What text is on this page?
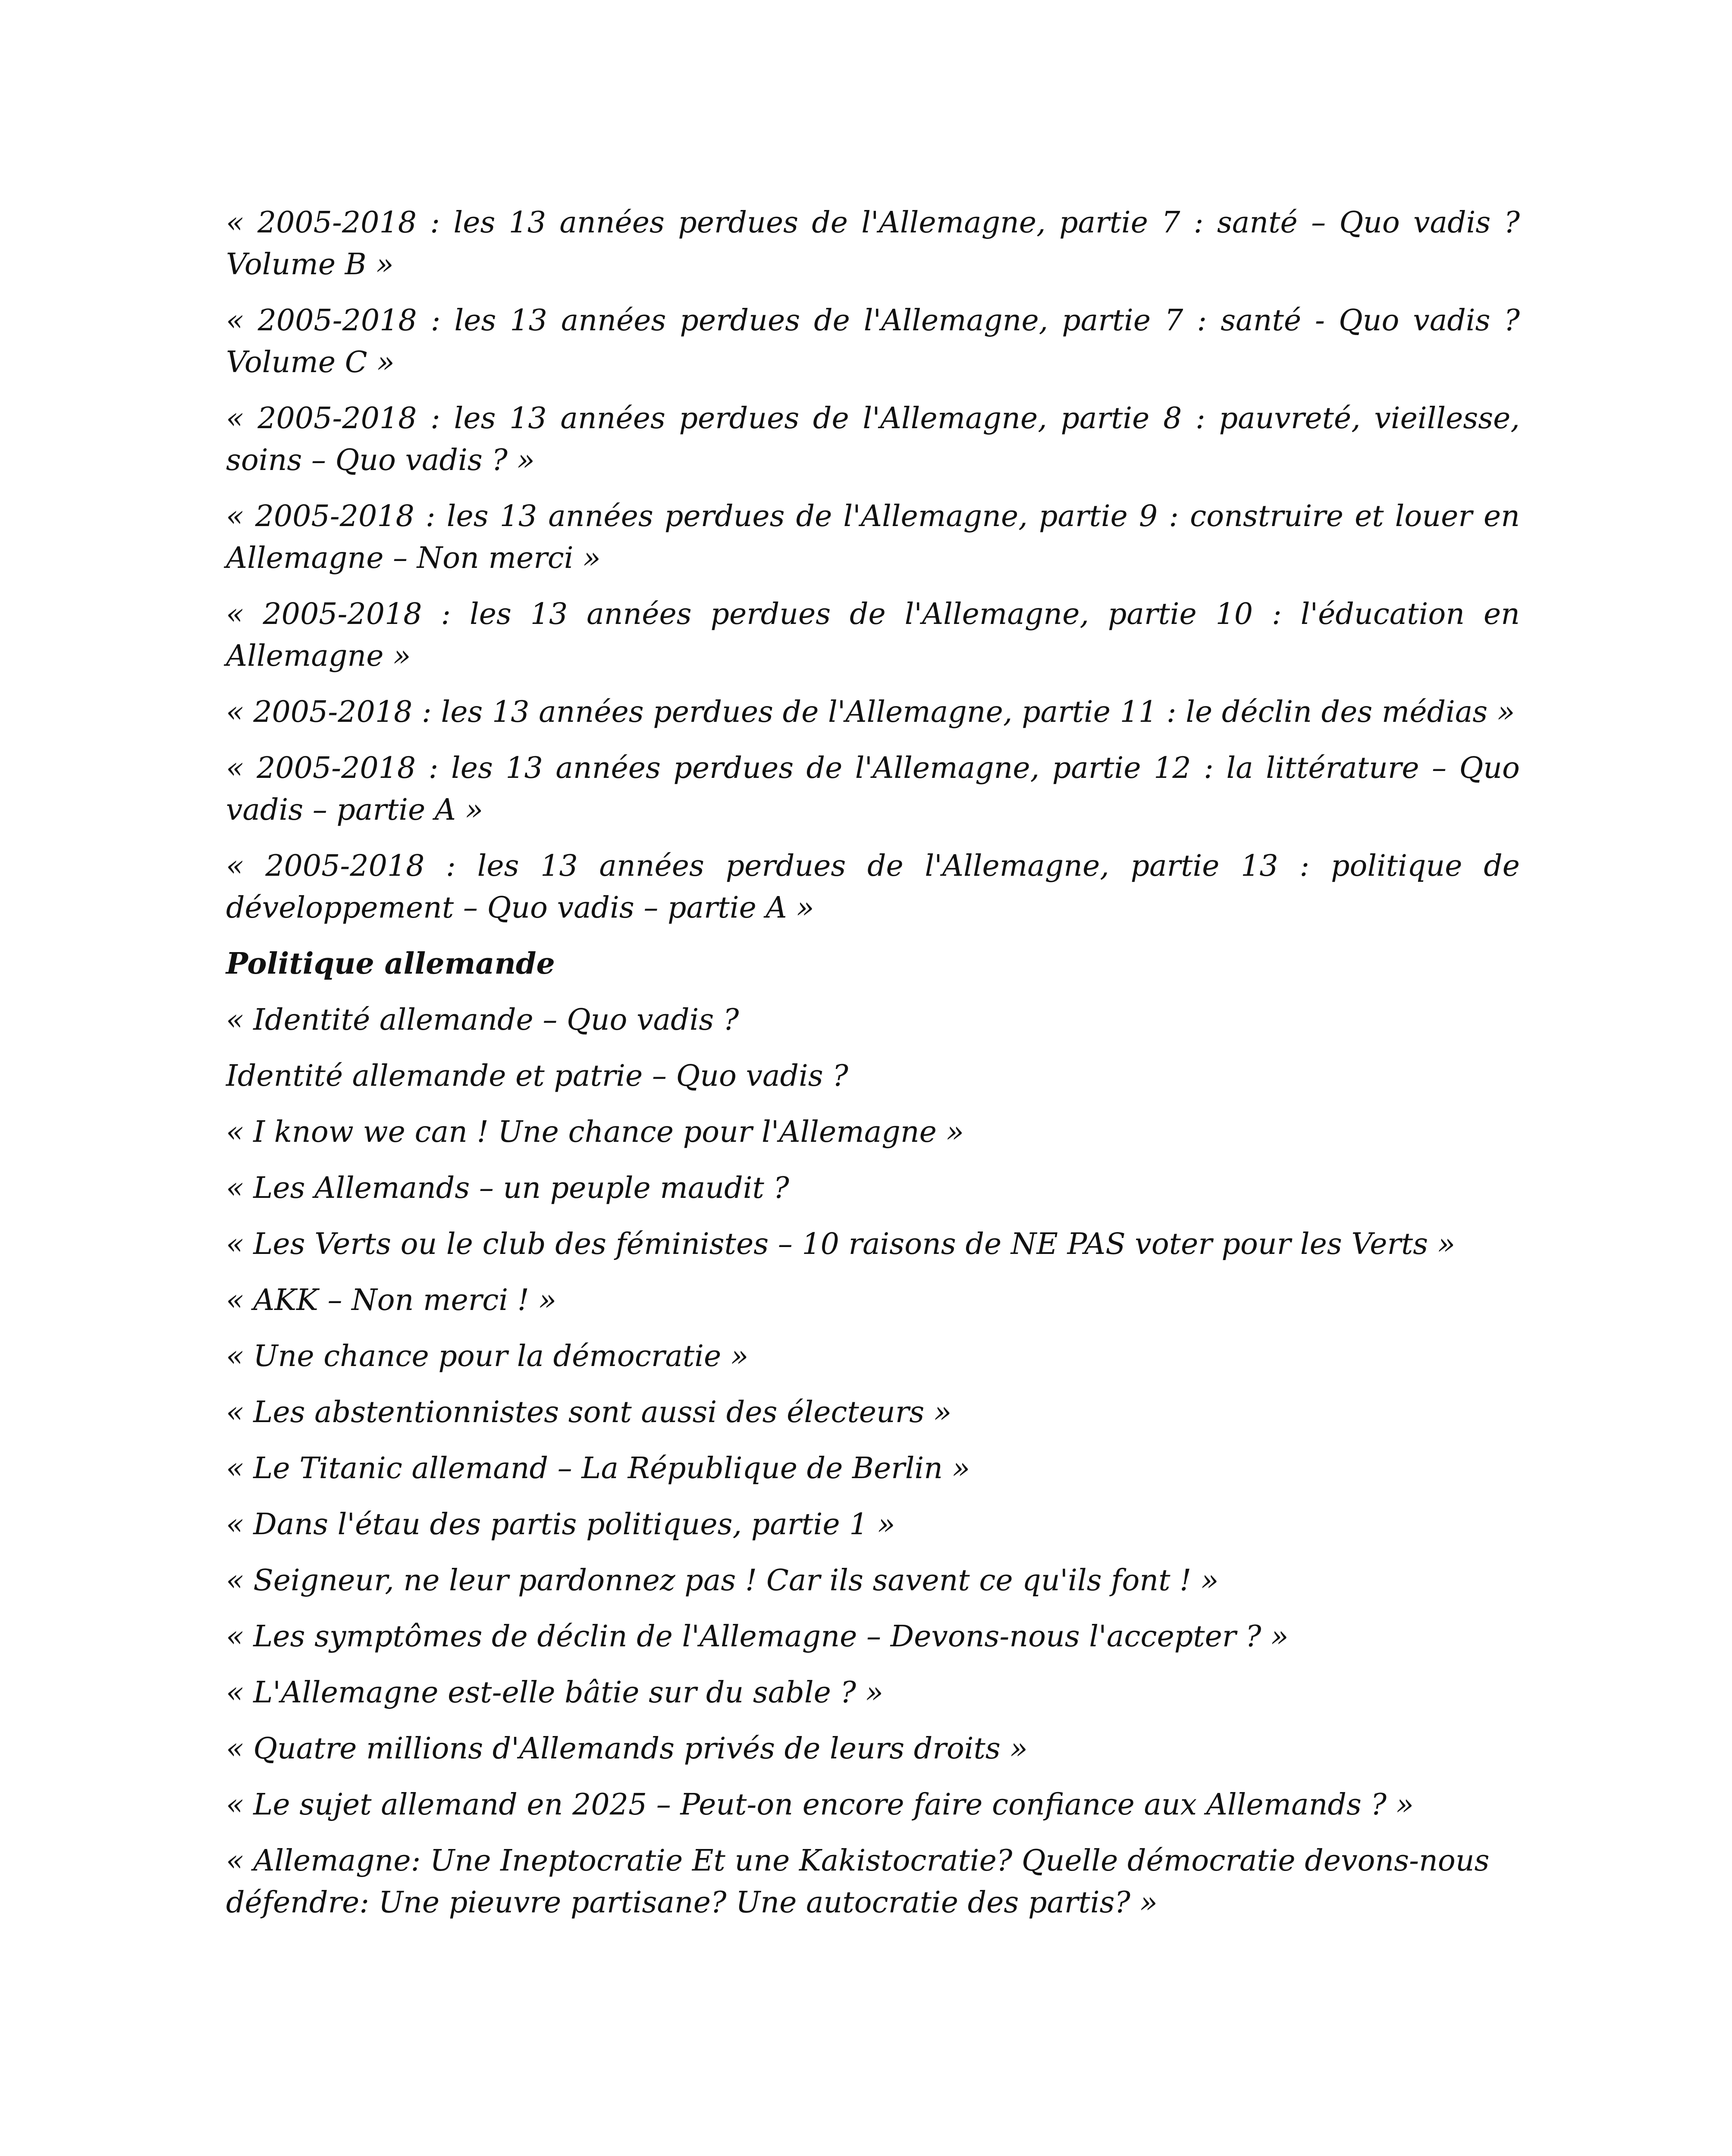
« 2005-2018 : les 13 années perdues de l'Allemagne, partie 7 : santé – Quo vadis ? Volume B »

« 2005-2018 : les 13 années perdues de l'Allemagne, partie 7 : santé - Quo vadis ? Volume C »

« 2005-2018 : les 13 années perdues de l'Allemagne, partie 8 : pauvreté, vieillesse, soins – Quo vadis ? »

« 2005-2018 : les 13 années perdues de l'Allemagne, partie 9 : construire et louer en Allemagne – Non merci »

« 2005-2018 : les 13 années perdues de l'Allemagne, partie 10 : l'éducation en Allemagne »

« 2005-2018 : les 13 années perdues de l'Allemagne, partie 11 : le déclin des médias »

« 2005-2018 : les 13 années perdues de l'Allemagne, partie 12 : la littérature – Quo vadis – partie A »

« 2005-2018 : les 13 années perdues de l'Allemagne, partie 13 : politique de développement – Quo vadis – partie A »

Politique allemande

« Identité allemande – Quo vadis ?

Identité allemande et patrie – Quo vadis ?

« I know we can ! Une chance pour l'Allemagne »

« Les Allemands – un peuple maudit ?

« Les Verts ou le club des féministes – 10 raisons de NE PAS voter pour les Verts »

« AKK – Non merci ! »

« Une chance pour la démocratie »

« Les abstentionnistes sont aussi des électeurs »

« Le Titanic allemand – La République de Berlin »

« Dans l'étau des partis politiques, partie 1 »

« Seigneur, ne leur pardonnez pas ! Car ils savent ce qu'ils font ! »

« Les symptômes de déclin de l'Allemagne – Devons-nous l'accepter ? »

« L'Allemagne est-elle bâtie sur du sable ? »

« Quatre millions d'Allemands privés de leurs droits »

« Le sujet allemand en 2025 – Peut-on encore faire confiance aux Allemands ? »

« Allemagne: Une Ineptocratie Et une Kakistocratie? Quelle démocratie devons-nous défendre: Une pieuvre partisane? Une autocratie des partis? »
